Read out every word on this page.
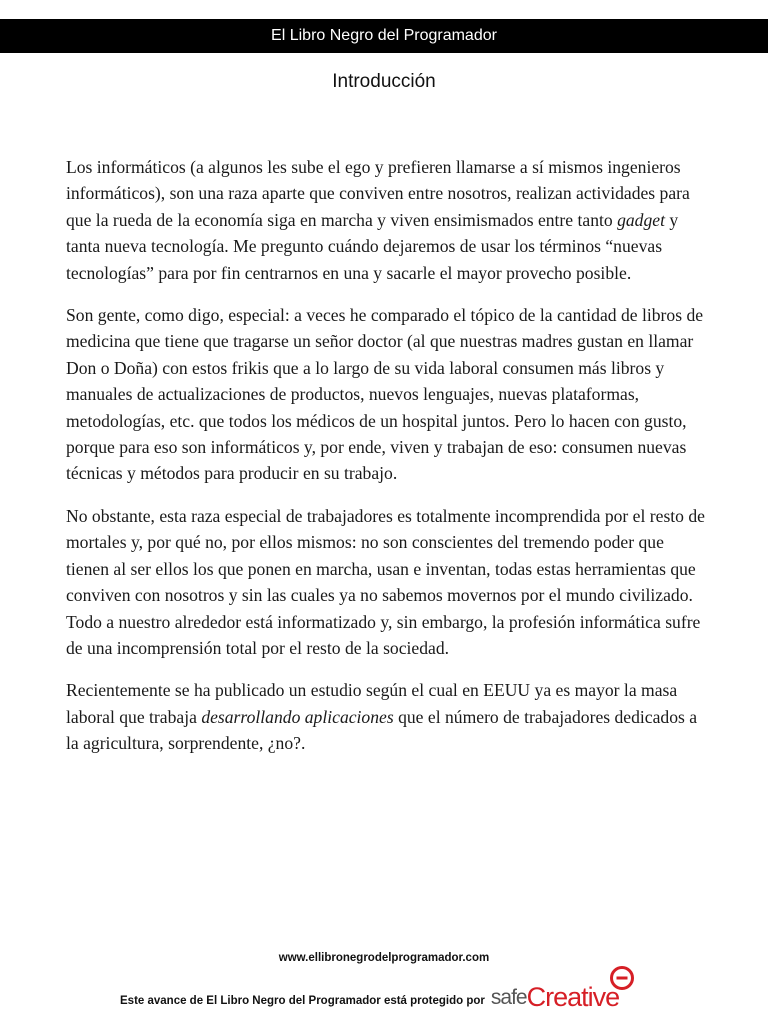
El Libro Negro del Programador
Introducción

Los informáticos (a algunos les sube el ego y prefieren llamarse a sí mismos ingenieros informáticos), son una raza aparte que conviven entre nosotros, realizan actividades para que la rueda de la economía siga en marcha y viven ensimismados entre tanto gadget y tanta nueva tecnología. Me pregunto cuándo dejaremos de usar los términos “nuevas tecnologías” para por fin centrarnos en una y sacarle el mayor provecho posible.

Son gente, como digo, especial: a veces he comparado el tópico de la cantidad de libros de medicina que tiene que tragarse un señor doctor (al que nuestras madres gustan en llamar Don o Doña) con estos frikis que a lo largo de su vida laboral consumen más libros y manuales de actualizaciones de productos, nuevos lenguajes, nuevas plataformas, metodologías, etc. que todos los médicos de un hospital juntos. Pero lo hacen con gusto, porque para eso son informáticos y, por ende, viven y trabajan de eso: consumen nuevas técnicas y métodos para producir en su trabajo.

No obstante, esta raza especial de trabajadores es totalmente incomprendida por el resto de mortales y, por qué no, por ellos mismos: no son conscientes del tremendo poder que tienen al ser ellos los que ponen en marcha, usan e inventan, todas estas herramientas que conviven con nosotros y sin las cuales ya no sabemos movernos por el mundo civilizado. Todo a nuestro alrededor está informatizado y, sin embargo, la profesión informática sufre de una incomprensión total por el resto de la sociedad.

Recientemente se ha publicado un estudio según el cual en EEUU ya es mayor la masa laboral que trabaja desarrollando aplicaciones que el número de trabajadores dedicados a la agricultura, sorprendente, ¿no?.

www.ellibronegrodelprogramador.com
Este avance de El Libro Negro del Programador está protegido por safe Creative
